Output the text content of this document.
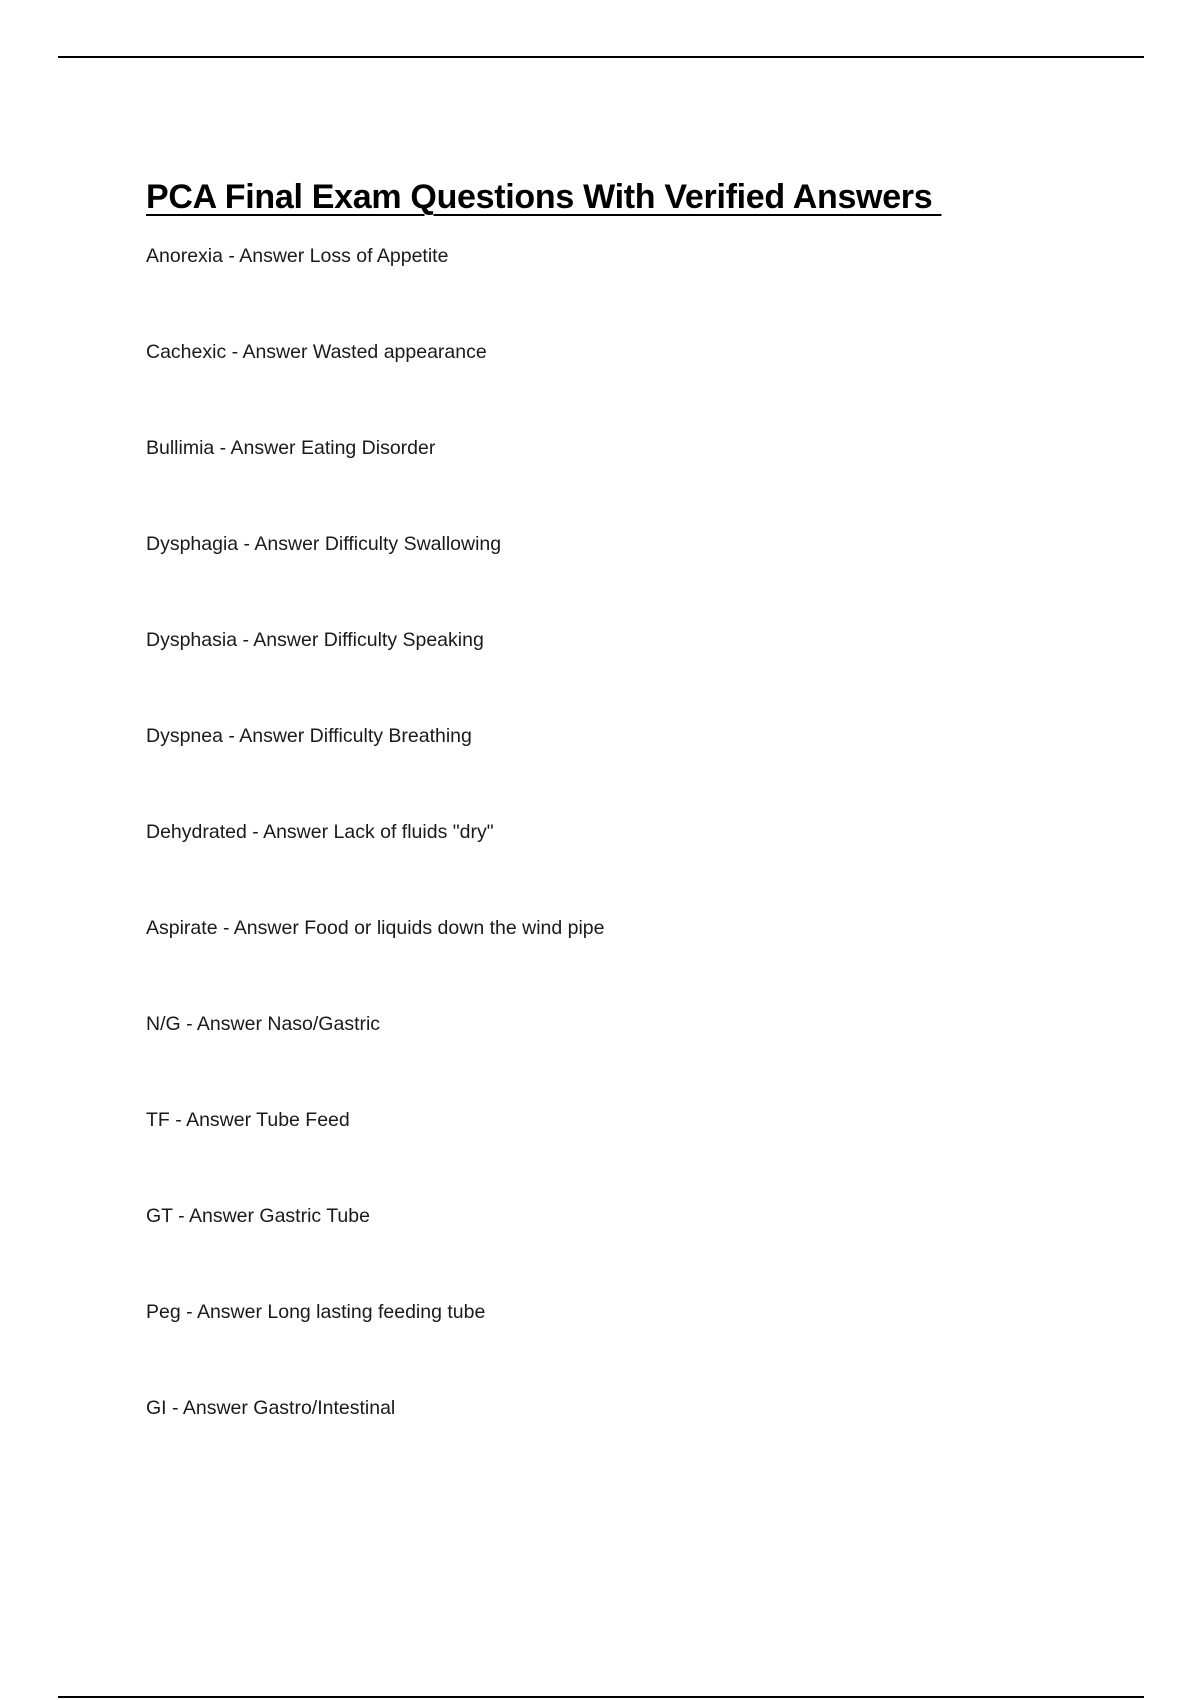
PCA Final Exam Questions With Verified Answers
Anorexia - Answer Loss of Appetite
Cachexic - Answer Wasted appearance
Bullimia - Answer Eating Disorder
Dysphagia - Answer Difficulty Swallowing
Dysphasia - Answer Difficulty Speaking
Dyspnea - Answer Difficulty Breathing
Dehydrated - Answer Lack of fluids "dry"
Aspirate - Answer Food or liquids down the wind pipe
N/G - Answer Naso/Gastric
TF - Answer Tube Feed
GT - Answer Gastric Tube
Peg - Answer Long lasting feeding tube
GI - Answer Gastro/Intestinal
